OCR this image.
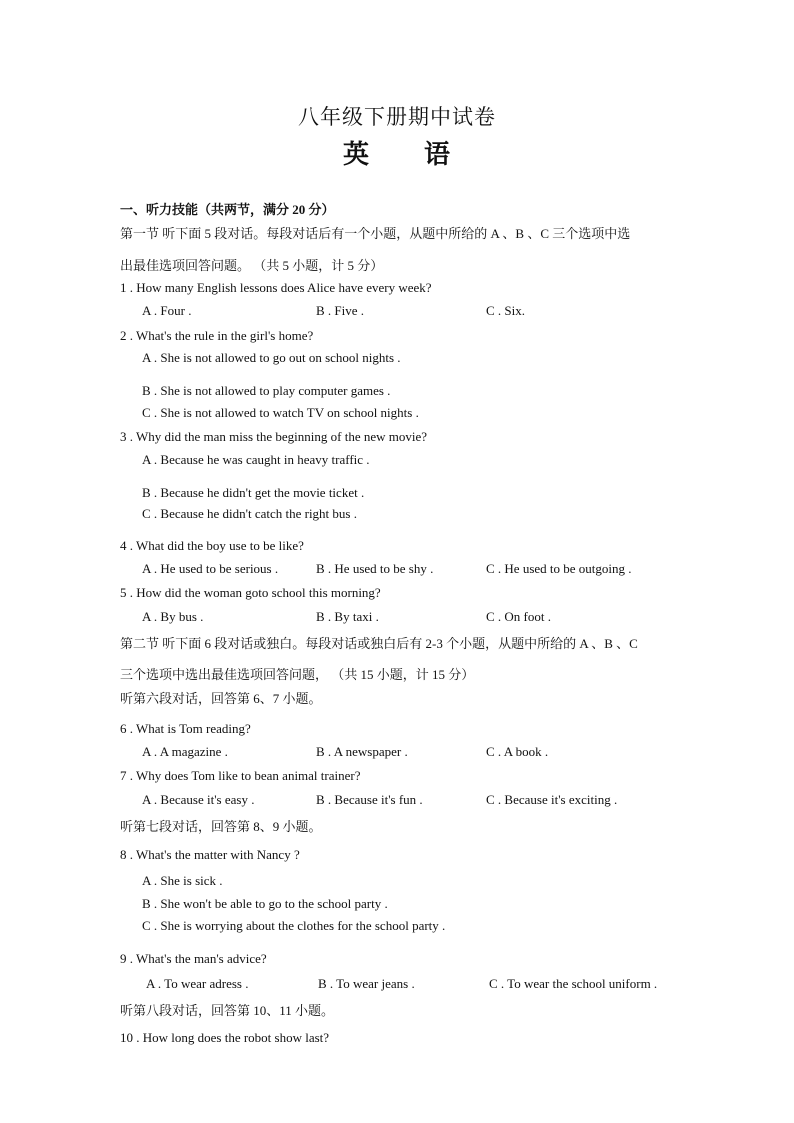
八年级下册期中试卷
英　　语
一、听力技能（共两节，满分 20 分）
第一节 听下面 5 段对话。每段对话后有一个小题，从题中所给的 A 、B 、C 三个选项中选
出最佳选项回答问题。 （共 5 小题，计 5 分）
1 . How many English lessons does Alice have every week?
A . Four .	B . Five .	C . Six.
2 . What's the rule in the girl's home?
A . She is not allowed to go out on school nights .
B . She is not allowed to play computer games .
C . She is not allowed to watch TV on school nights .
3 . Why did the man miss the beginning of the new movie?
A . Because he was caught in heavy traffic .
B . Because he didn't get the movie ticket .
C . Because he didn't catch the right bus .
4 . What did the boy use to be like?
A . He used to be serious .	B . He used to be shy .	C . He used to be outgoing .
5 . How did the woman goto school this morning?
A . By bus .	B . By taxi .	C . On foot .
第二节 听下面 6 段对话或独白。每段对话或独白后有 2-3 个小题，从题中所给的 A 、B 、C
三个选项中选出最佳选项回答问题， （共 15 小题，计 15 分）
听第六段对话，回答第 6、7 小题。
6 . What is Tom reading?
A . A magazine .	B . A newspaper .	C . A book .
7 . Why does Tom like to bean animal trainer?
A . Because it's easy .	B . Because it's fun .	C . Because it's exciting .
听第七段对话，回答第 8、9 小题。
8 . What's the matter with Nancy ?
A . She is sick .
B . She won't be able to go to the school party .
C . She is worrying about the clothes for the school party .
9 . What's the man's advice?
A . To wear adress .	B . To wear jeans .	C . To wear the school uniform .
听第八段对话，回答第 10、11 小题。
10 . How long does the robot show last?
